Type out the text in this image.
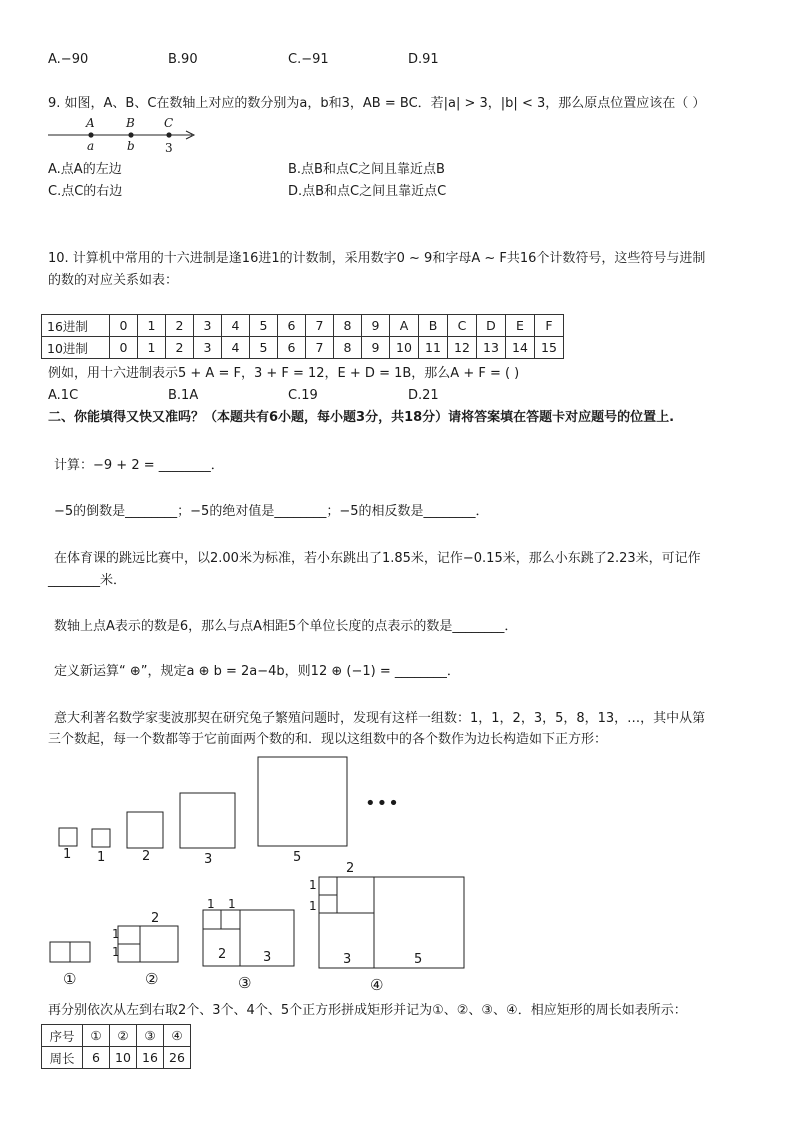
A.−90	B.90	C.−91	D.91
9. 如图，A、B、C在数轴上对应的数分别为a，b和3，AB = BC．若|a| > 3，|b| < 3，那么原点位置应该在（ ）
A	B C
a	b	3
A.点A的左边	B.点B和点C之间且靠近点B
C.点C的右边	D.点B和点C之间且靠近点C
10. 计算机中常用的十六进制是逢16进1的计数制，采用数字0 ~ 9和字母A ~ F共16个计数符号，这些符号与进制
的数的对应关系如表：
16进制	0	1	2	3	4	5	6	7	8	9	A	B	C	D	E	F
10进制	0	1	2	3	4	5	6	7	8	9	10	11	12	13	14	15
例如，用十六进制表示5 + A = F，3 + F = 12，E + D = 1B，那么A + F = ( )
A.1C	B.1A	C.19	D.21
二、你能填得又快又准吗？（本题共有6小题，每小题3分，共18分）请将答案填在答题卡对应题号的位置上.
计算：−9 + 2 = ________．
−5的倒数是________；−5的绝对值是________；−5的相反数是________．
在体育课的跳远比赛中，以2.00米为标准，若小东跳出了1.85米，记作−0.15米，那么小东跳了2.23米，可记作
________米．
数轴上点A表示的数是6，那么与点A相距5个单位长度的点表示的数是________．
定义新运算“ ⊕”，规定a ⊕ b = 2a−4b，则12 ⊕ (−1) = ________．
意大利著名数学家斐波那契在研究兔子繁殖问题时，发现有这样一组数：1，1，2，3，5，8，13，…，其中从第
三个数起，每一个数都等于它前面两个数的和．现以这组数中的各个数作为边长构造如下正方形：
•••
1 1	2	3	5
2
1
1
1 1
2	3
2
1
1
3	5
①	②	③	④
再分别依次从左到右取2个、3个、4个、5个正方形拼成矩形并记为①、②、③、④．相应矩形的周长如表所示：
序号	①	②	③	④
周长	6	10	16	26
